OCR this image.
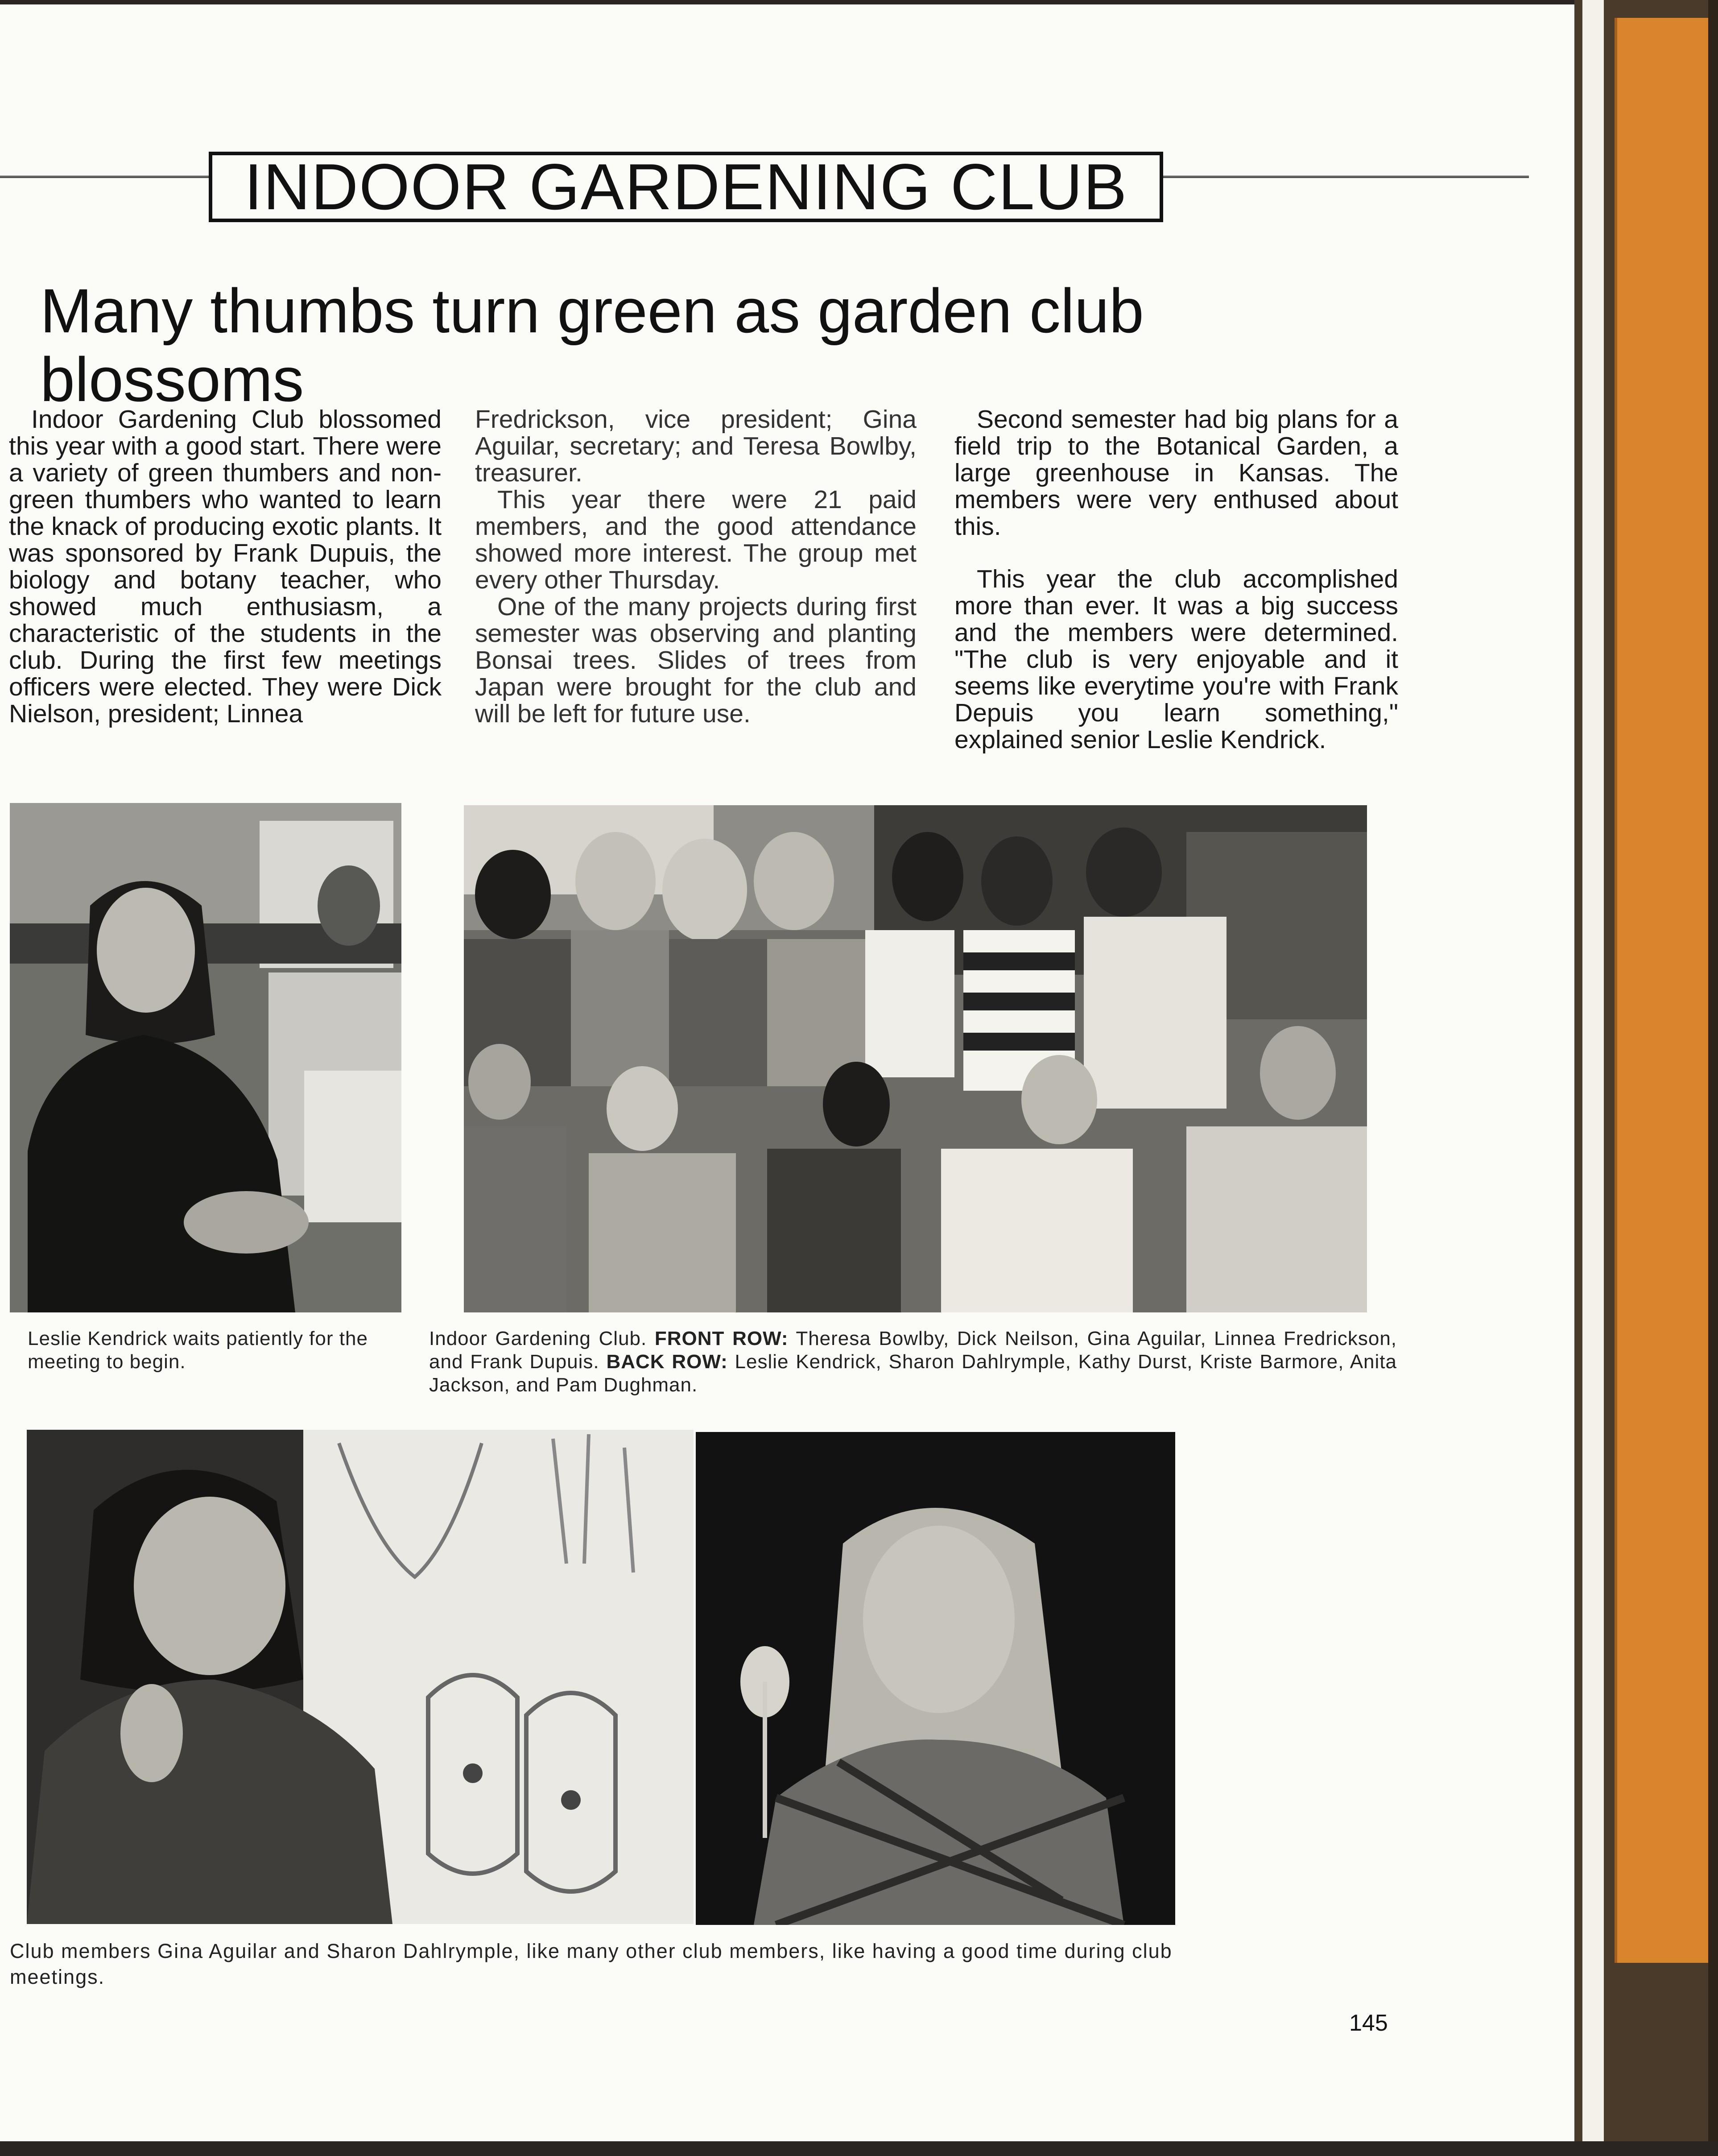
INDOOR GARDENING CLUB
Many thumbs turn green as garden club blossoms

Indoor Gardening Club blossomed this year with a good start. There were a variety of green thumbers and non-green thumbers who wanted to learn the knack of producing exotic plants. It was sponsored by Frank Dupuis, the biology and botany teacher, who showed much enthusiasm, a characteristic of the students in the club. During the first few meetings officers were elected. They were Dick Nielson, president; Linnea

Fredrickson, vice president; Gina Aguilar, secretary; and Teresa Bowlby, treasurer.

This year there were 21 paid members, and the good attendance showed more interest. The group met every other Thursday.

One of the many projects during first semester was observing and planting Bonsai trees. Slides of trees from Japan were brought for the club and will be left for future use.

Second semester had big plans for a field trip to the Botanical Garden, a large greenhouse in Kansas. The members were very enthused about this.

This year the club accomplished more than ever. It was a big success and the members were determined. "The club is very enjoyable and it seems like everytime you're with Frank Depuis you learn something," explained senior Leslie Kendrick.

Leslie Kendrick waits patiently for the meeting to begin.
Indoor Gardening Club. FRONT ROW: Theresa Bowlby, Dick Neilson, Gina Aguilar, Linnea Fredrickson, and Frank Dupuis. BACK ROW: Leslie Kendrick, Sharon Dahlrymple, Kathy Durst, Kriste Barmore, Anita Jackson, and Pam Dughman.
Club members Gina Aguilar and Sharon Dahlrymple, like many other club members, like having a good time during club meetings.
145
